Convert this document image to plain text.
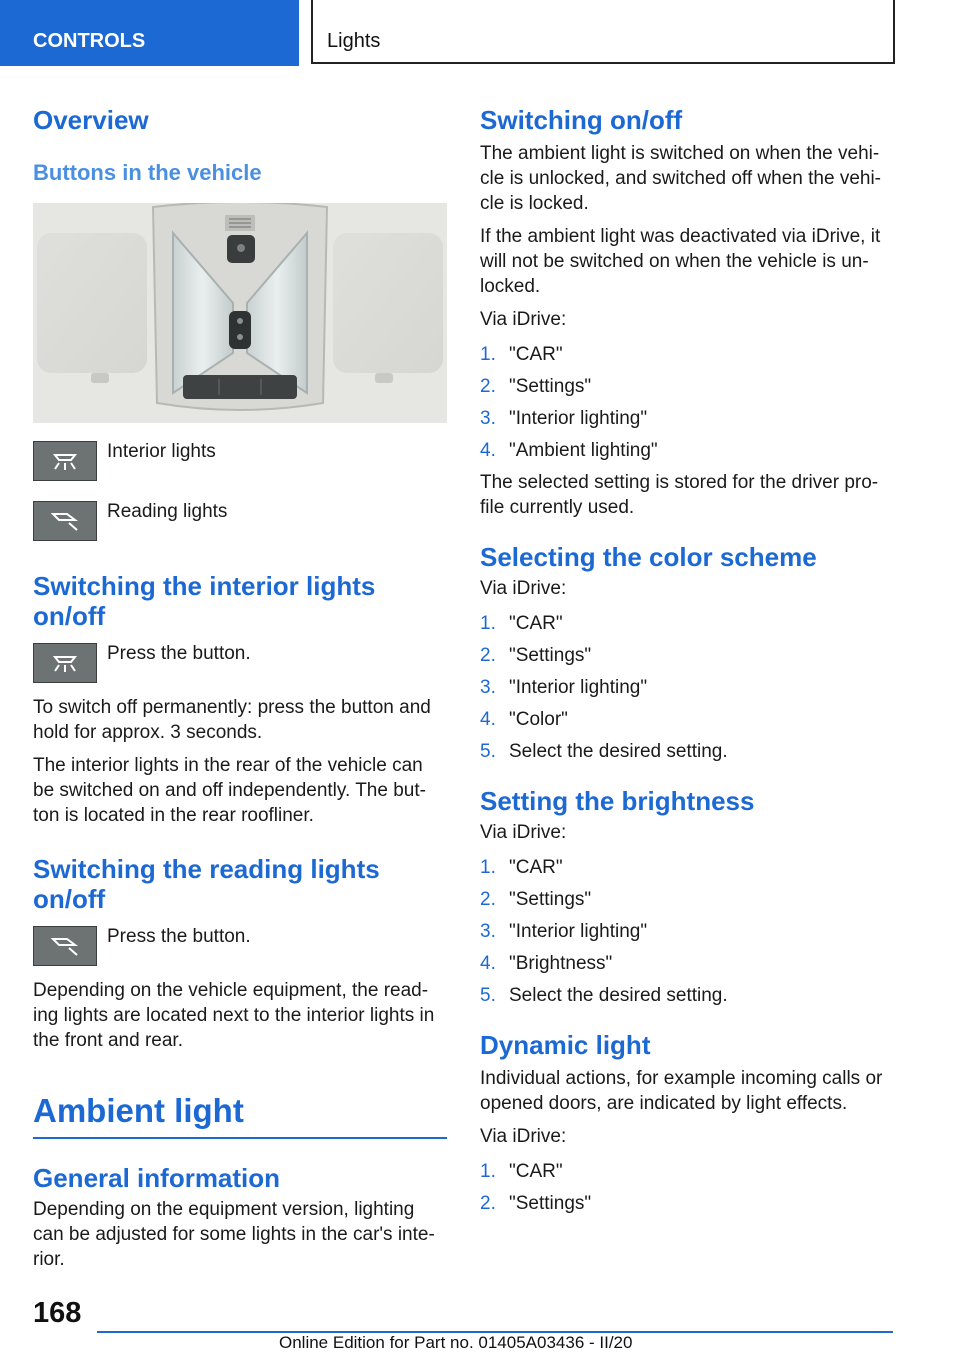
CONTROLS	Lights
Overview
Buttons in the vehicle
Interior lights
Reading lights
Switching the interior lights on/off
Press the button.

To switch off permanently: press the button and hold for approx. 3 seconds.

The interior lights in the rear of the vehicle can be switched on and off independently. The but-ton is located in the rear roofliner.

Switching the reading lights on/off
Press the button.

Depending on the vehicle equipment, the read-ing lights are located next to the interior lights in the front and rear.

Ambient light
General information

Depending on the equipment version, lighting can be adjusted for some lights in the car's inte-rior.

Switching on/off

The ambient light is switched on when the vehi-cle is unlocked, and switched off when the vehi-cle is locked.

If the ambient light was deactivated via iDrive, it will not be switched on when the vehicle is un-locked.

Via iDrive:

1. "CAR"
2. "Settings"
3. "Interior lighting"
4. "Ambient lighting"

The selected setting is stored for the driver pro-file currently used.

Selecting the color scheme

Via iDrive:

1. "CAR"
2. "Settings"
3. "Interior lighting"
4. "Color"
5. Select the desired setting.
Setting the brightness

Via iDrive:

1. "CAR"
2. "Settings"
3. "Interior lighting"
4. "Brightness"
5. Select the desired setting.
Dynamic light

Individual actions, for example incoming calls or opened doors, are indicated by light effects.

Via iDrive:

1. "CAR"
2. "Settings"
168
Online Edition for Part no. 01405A03436 - II/20
